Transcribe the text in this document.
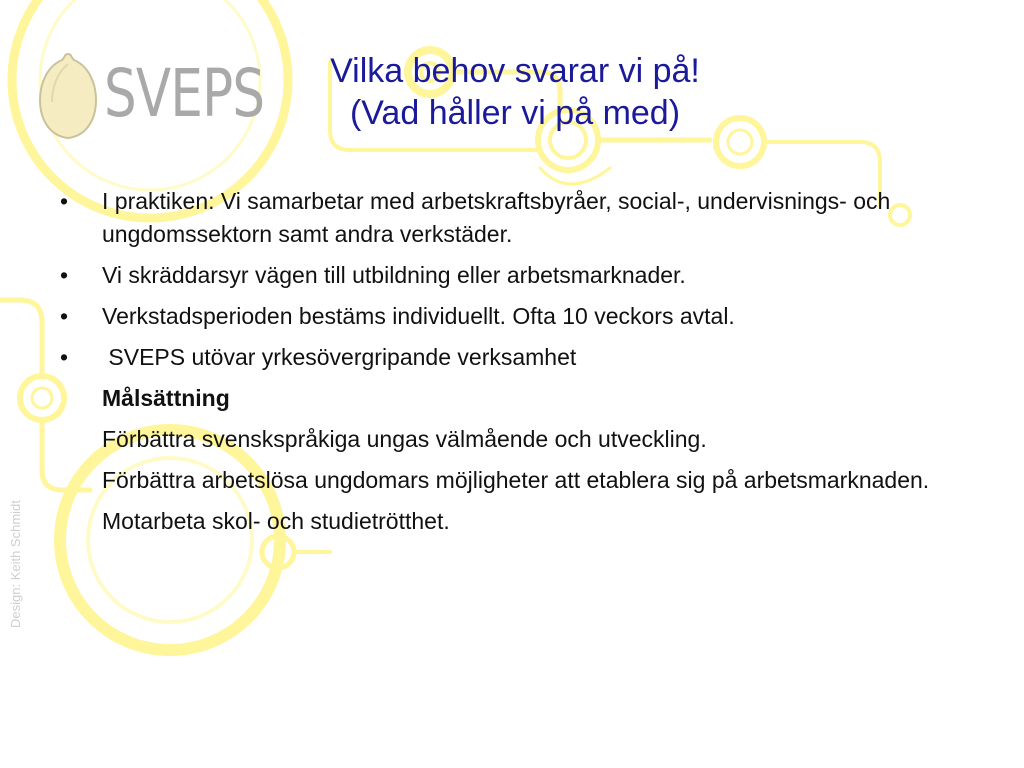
SVEPS	Vilka behov svarar vi på!
(Vad håller vi på med)
• I praktiken: Vi samarbetar med arbetskraftsbyråer, social-, undervisnings- och ungdomssektorn samt andra verkstäder.
• Vi skräddarsyr vägen till utbildning eller arbetsmarknader.
• Verkstadsperioden bestäms individuellt. Ofta 10 veckors avtal.
• SVEPS utövar yrkesövergripande verksamhet
Målsättning
Förbättra svenskspråkiga ungas välmående och utveckling.
Förbättra arbetslösa ungdomars möjligheter att etablera sig på arbetsmarknaden.
Motarbeta skol- och studietrötthet.
Design: Keith Schmidt
